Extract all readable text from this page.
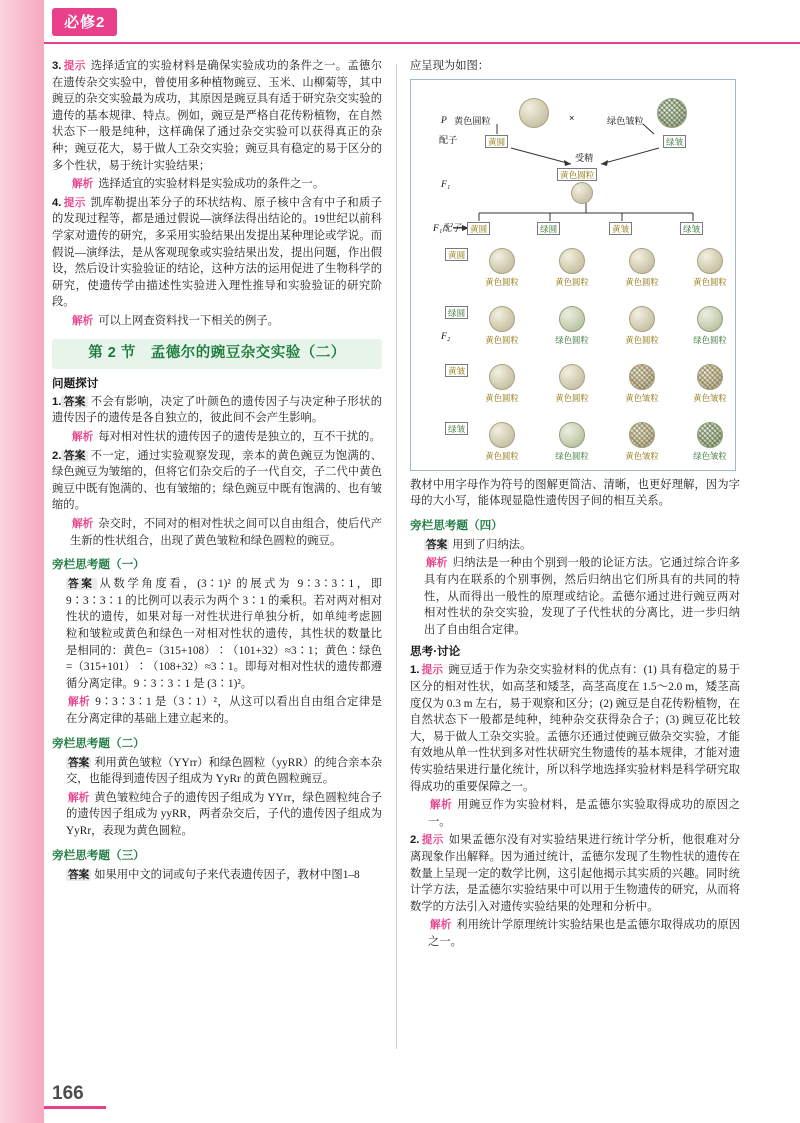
必修2

3. 提示 选择适宜的实验材料是确保实验成功的条件之一。孟德尔在遗传杂交实验中，曾使用多种植物豌豆、玉米、山柳菊等，其中豌豆的杂交实验最为成功，其原因是豌豆具有适于研究杂交实验的遗传的基本规律、特点。例如，豌豆是严格自花传粉植物，在自然状态下一般是纯种，这样确保了通过杂交实验可以获得真正的杂种；豌豆花大，易于做人工杂交实验；豌豆具有稳定的易于区分的多个性状，易于统计实验结果；

解析 选择适宜的实验材料是实验成功的条件之一。

4. 提示 凯库勒提出苯分子的环状结构、原子核中含有中子和质子的发现过程等，都是通过假说—演绎法得出结论的。19世纪以前科学家对遗传的研究，多采用实验结果出发提出某种理论或学说。而假说—演绎法，是从客观现象或实验结果出发，提出问题，作出假设，然后设计实验验证的结论，这种方法的运用促进了生物科学的研究，使遗传学由描述性实验进入理性推导和实验验证的研究阶段。

解析 可以上网查资料找一下相关的例子。

第 2 节　孟德尔的豌豆杂交实验（二）
问题探讨

1. 答案 不会有影响，决定了叶颜色的遗传因子与决定种子形状的遗传因子的遗传是各自独立的，彼此间不会产生影响。

解析 每对相对性状的遗传因子的遗传是独立的，互不干扰的。

2. 答案 不一定，通过实验观察发现，亲本的黄色豌豆为饱满的、绿色豌豆为皱缩的，但将它们杂交后的子一代自交，子二代中黄色豌豆中既有饱满的、也有皱缩的；绿色豌豆中既有饱满的、也有皱缩的。

解析 杂交时，不同对的相对性状之间可以自由组合，使后代产生新的性状组合，出现了黄色皱粒和绿色圆粒的豌豆。

旁栏思考题（一）

答案 从数学角度看，(3∶1)² 的展式为 9∶3∶3∶1，即 9∶3∶3∶1 的比例可以表示为两个 3∶1 的乘积。若对两对相对性状的遗传，如果对每一对性状进行单独分析，如单纯考虑圆粒和皱粒或黄色和绿色一对相对性状的遗传，其性状的数量比是相同的：黄色=（315+108）∶（101+32）≈3∶1；黄色∶绿色=（315+101）∶（108+32）≈3∶1。即每对相对性状的遗传都遵循分离定律。9∶3∶3∶1 是 (3∶1)²。

解析 9∶3∶3∶1 是（3∶1）²，从这可以看出自由组合定律是在分离定律的基础上建立起来的。

旁栏思考题（二）

答案 利用黄色皱粒（YYrr）和绿色圆粒（yyRR）的纯合亲本杂交，也能得到遗传因子组成为 YyRr 的黄色圆粒豌豆。

解析 黄色皱粒纯合子的遗传因子组成为 YYrr，绿色圆粒纯合子的遗传因子组成为 yyRR，两者杂交后，子代的遗传因子组成为 YyRr，表现为黄色圆粒。

旁栏思考题（三）

答案 如果用中文的词或句子来代表遗传因子，教材中图1–8

应呈现为如图：

P 黄色圆粒	绿色皱粒
×
配子	黄圆	绿皱
受精
F₁
黄色圆粒
F₁配子	黄圆	绿圆	黄皱	绿皱
F₂
黄圆
绿圆
黄皱
绿皱
黄色圆粒	黄色圆粒	黄色圆粒	黄色圆粒
黄色圆粒	绿色圆粒	黄色圆粒	绿色圆粒
黄色圆粒	黄色圆粒	黄色皱粒	黄色皱粒
黄色圆粒	绿色圆粒	黄色皱粒	绿色皱粒

教材中用字母作为符号的图解更简洁、清晰，也更好理解，因为字母的大小写，能体现显隐性遗传因子间的相互关系。

旁栏思考题（四）

答案 用到了归纳法。

解析 归纳法是一种由个别到一般的论证方法。它通过综合许多具有内在联系的个别事例，然后归纳出它们所具有的共同的特性，从而得出一般性的原理或结论。孟德尔通过进行豌豆两对相对性状的杂交实验，发现了子代性状的分离比，进一步归纳出了自由组合定律。

思考·讨论

1. 提示 豌豆适于作为杂交实验材料的优点有：(1) 具有稳定的易于区分的相对性状，如高茎和矮茎，高茎高度在 1.5～2.0 m，矮茎高度仅为 0.3 m 左右，易于观察和区分；(2) 豌豆是自花传粉植物，在自然状态下一般都是纯种，纯种杂交获得杂合子；(3) 豌豆花比较大，易于做人工杂交实验。孟德尔还通过使豌豆做杂交实验，才能有效地从单一性状到多对性状研究生物遗传的基本规律，才能对遗传实验结果进行量化统计，所以科学地选择实验材料是科学研究取得成功的重要保障之一。

解析 用豌豆作为实验材料，是孟德尔实验取得成功的原因之一。

2. 提示 如果孟德尔没有对实验结果进行统计学分析，他很难对分离现象作出解释。因为通过统计，孟德尔发现了生物性状的遗传在数量上呈现一定的数学比例，这引起他揭示其实质的兴趣。同时统计学方法，是孟德尔实验结果中可以用于生物遗传的研究，从而将数学的方法引入对遗传实验结果的处理和分析中。

解析 利用统计学原理统计实验结果也是孟德尔取得成功的原因之一。

166
